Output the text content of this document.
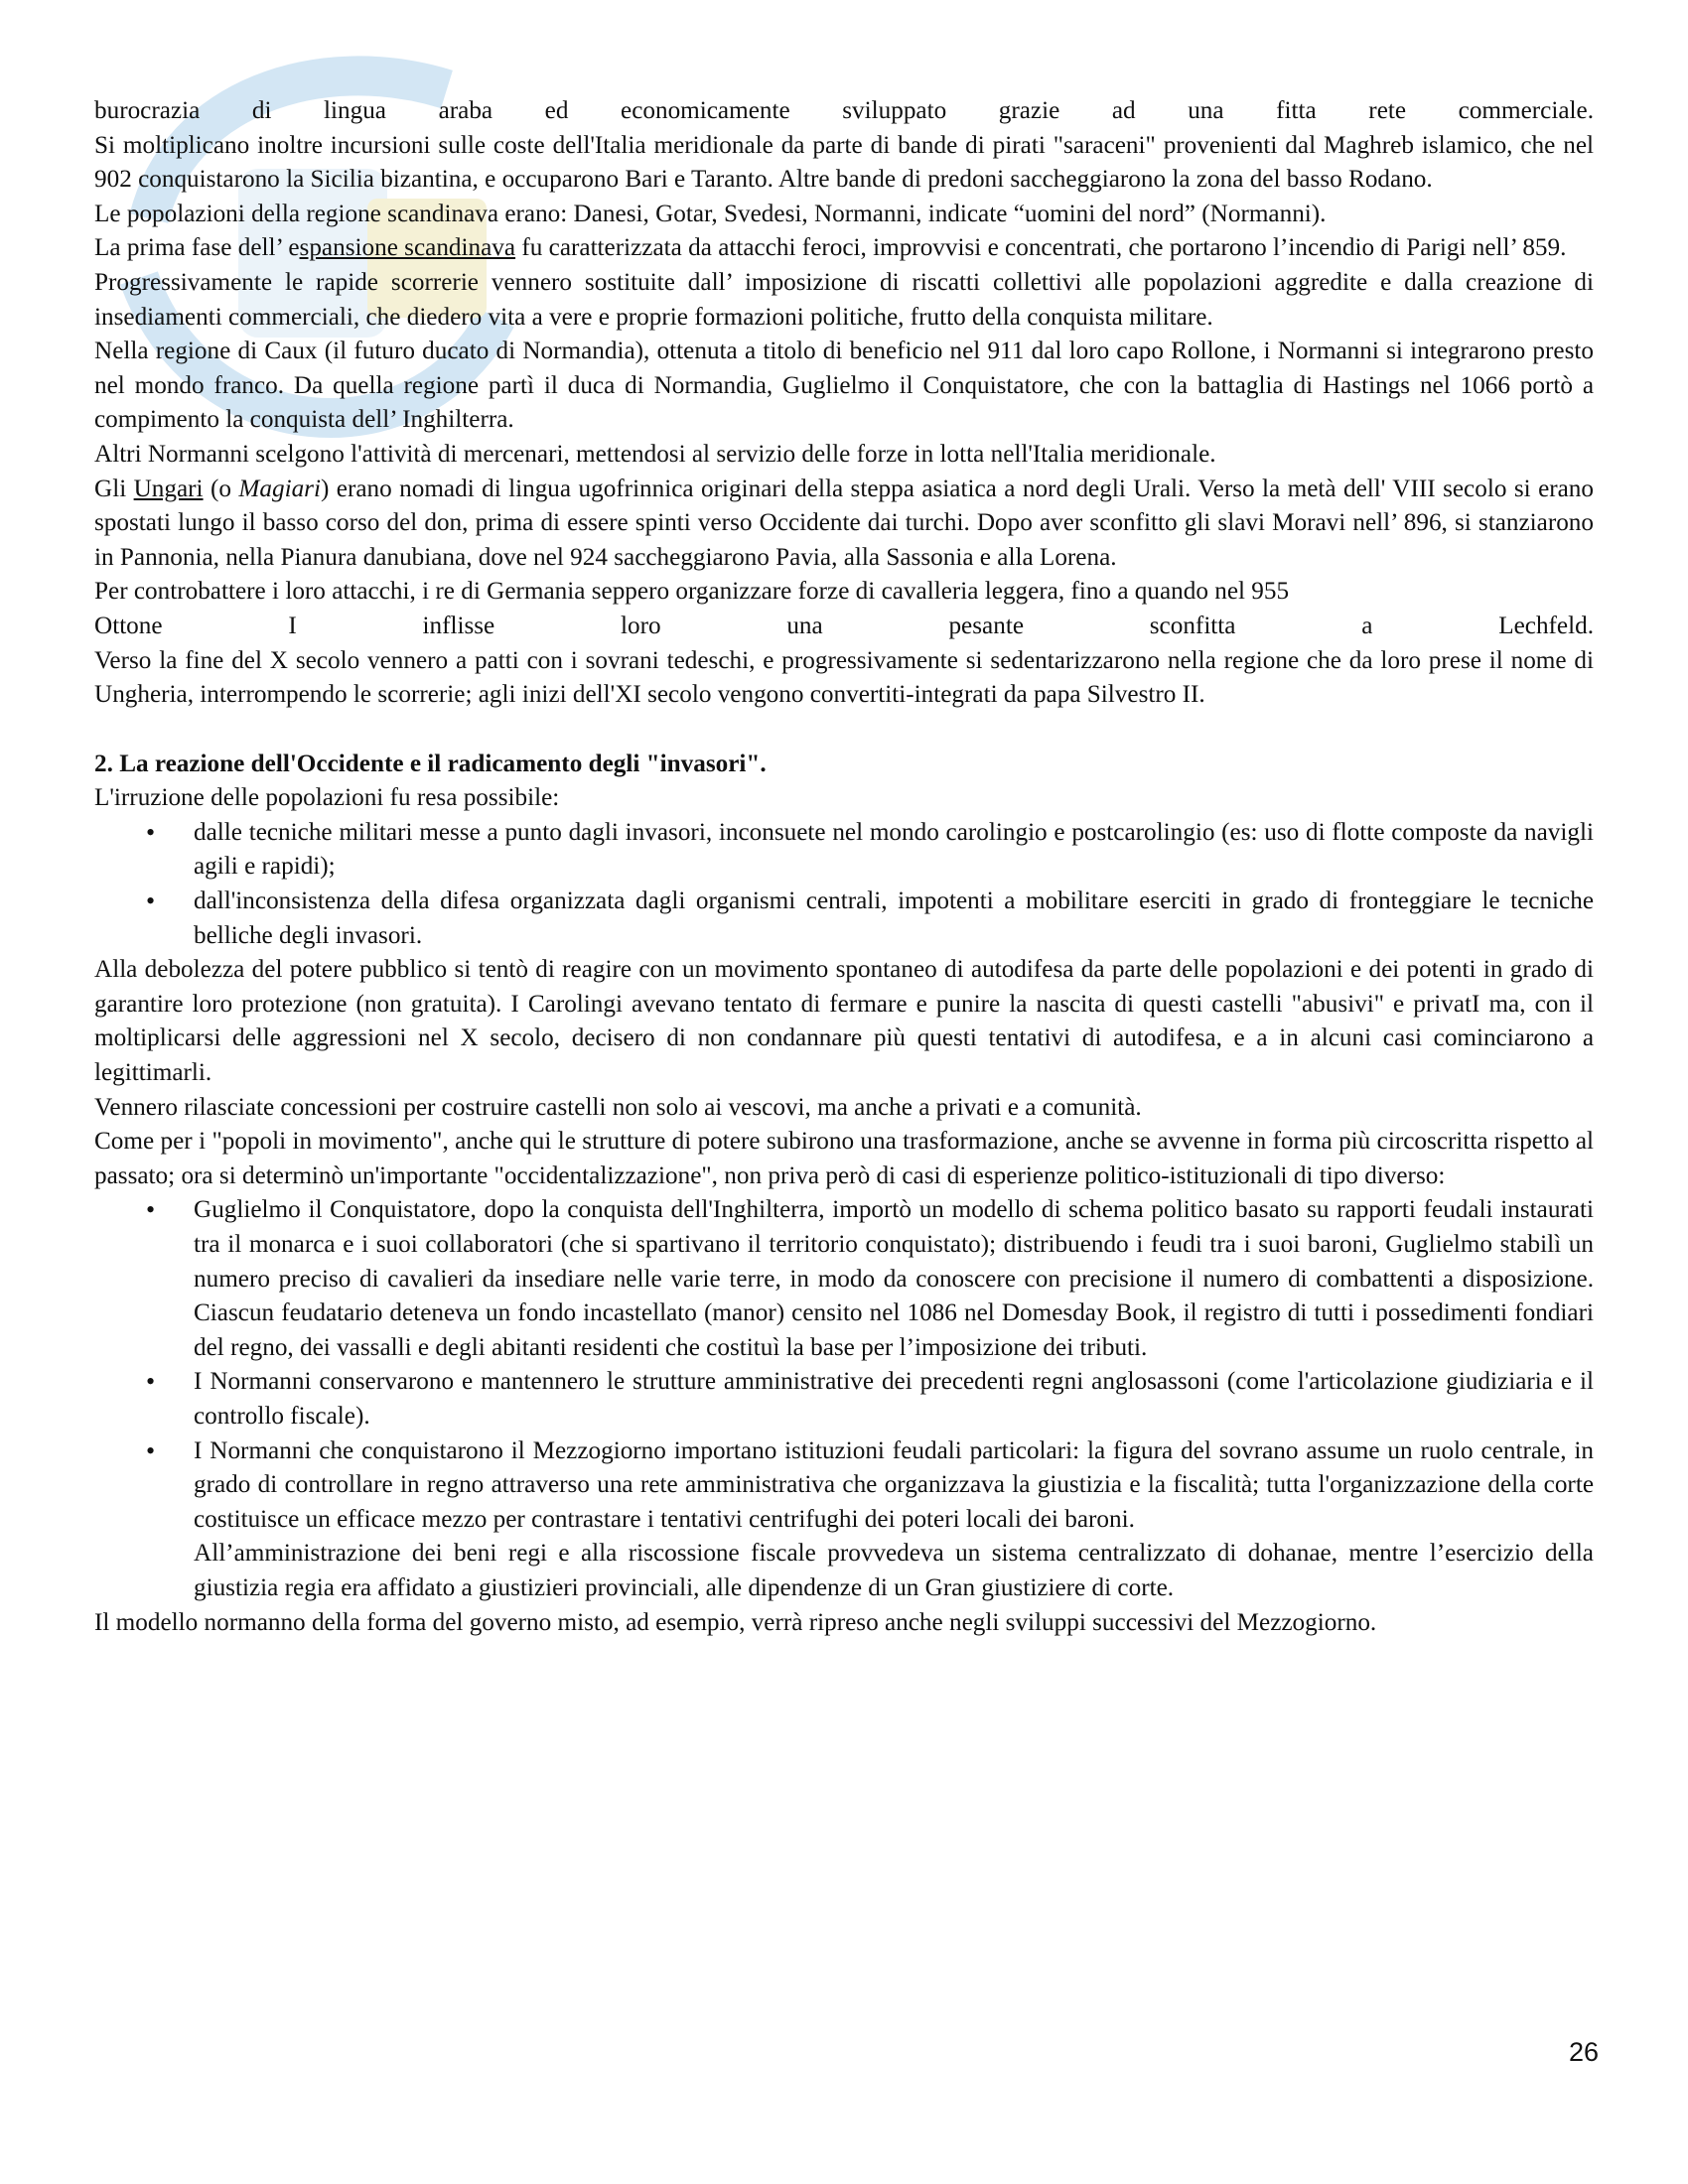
burocrazia di lingua araba ed economicamente sviluppato grazie ad una fitta rete commerciale.

Si moltiplicano inoltre incursioni sulle coste dell'Italia meridionale da parte di bande di pirati "saraceni" provenienti dal Maghreb islamico, che nel 902 conquistarono la Sicilia bizantina, e occuparono Bari e Taranto. Altre bande di predoni saccheggiarono la zona del basso Rodano.

Le popolazioni della regione scandinava erano: Danesi, Gotar, Svedesi, Normanni, indicate “uomini del nord” (Normanni).

La prima fase dell’ espansione scandinava fu caratterizzata da attacchi feroci, improvvisi e concentrati, che portarono l’incendio di Parigi nell’ 859.

Progressivamente le rapide scorrerie vennero sostituite dall’ imposizione di riscatti collettivi alle popolazioni aggredite e dalla creazione di insediamenti commerciali, che diedero vita a vere e proprie formazioni politiche, frutto della conquista militare.

Nella regione di Caux (il futuro ducato di Normandia), ottenuta a titolo di beneficio nel 911 dal loro capo Rollone, i Normanni si integrarono presto nel mondo franco. Da quella regione partì il duca di Normandia, Guglielmo il Conquistatore, che con la battaglia di Hastings nel 1066 portò a compimento la conquista dell’ Inghilterra.

Altri Normanni scelgono l'attività di mercenari, mettendosi al servizio delle forze in lotta nell'Italia meridionale.

Gli Ungari (o Magiari) erano nomadi di lingua ugofrinnica originari della steppa asiatica a nord degli Urali. Verso la metà dell' VIII secolo si erano spostati lungo il basso corso del don, prima di essere spinti verso Occidente dai turchi. Dopo aver sconfitto gli slavi Moravi nell’ 896, si stanziarono in Pannonia, nella Pianura danubiana, dove nel 924 saccheggiarono Pavia, alla Sassonia e alla Lorena.

Per controbattere i loro attacchi, i re di Germania seppero organizzare forze di cavalleria leggera, fino a quando nel 955

Ottone I inflisse loro una pesante sconfitta a Lechfeld.

Verso la fine del X secolo vennero a patti con i sovrani tedeschi, e progressivamente si sedentarizzarono nella regione che da loro prese il nome di Ungheria, interrompendo le scorrerie; agli inizi dell'XI secolo vengono convertiti-integrati da papa Silvestro II.

2. La reazione dell'Occidente e il radicamento degli "invasori".

L'irruzione delle popolazioni fu resa possibile:

• dalle tecniche militari messe a punto dagli invasori, inconsuete nel mondo carolingio e postcarolingio (es: uso di flotte composte da navigli agili e rapidi);
• dall'inconsistenza della difesa organizzata dagli organismi centrali, impotenti a mobilitare eserciti in grado di fronteggiare le tecniche belliche degli invasori.

Alla debolezza del potere pubblico si tentò di reagire con un movimento spontaneo di autodifesa da parte delle popolazioni e dei potenti in grado di garantire loro protezione (non gratuita). I Carolingi avevano tentato di fermare e punire la nascita di questi castelli "abusivi" e privatI ma, con il moltiplicarsi delle aggressioni nel X secolo, decisero di non condannare più questi tentativi di autodifesa, e a in alcuni casi cominciarono a legittimarli.

Vennero rilasciate concessioni per costruire castelli non solo ai vescovi, ma anche a privati e a comunità.

Come per i "popoli in movimento", anche qui le strutture di potere subirono una trasformazione, anche se avvenne in forma più circoscritta rispetto al passato; ora si determinò un'importante "occidentalizzazione", non priva però di casi di esperienze politico-istituzionali di tipo diverso:

• Guglielmo il Conquistatore, dopo la conquista dell'Inghilterra, importò un modello di schema politico basato su rapporti feudali instaurati tra il monarca e i suoi collaboratori (che si spartivano il territorio conquistato); distribuendo i feudi tra i suoi baroni, Guglielmo stabilì un numero preciso di cavalieri da insediare nelle varie terre, in modo da conoscere con precisione il numero di combattenti a disposizione. Ciascun feudatario deteneva un fondo incastellato (manor) censito nel 1086 nel Domesday Book, il registro di tutti i possedimenti fondiari del regno, dei vassalli e degli abitanti residenti che costituì la base per l’imposizione dei tributi.
• I Normanni conservarono e mantennero le strutture amministrative dei precedenti regni anglosassoni (come l'articolazione giudiziaria e il controllo fiscale).
• I Normanni che conquistarono il Mezzogiorno importano istituzioni feudali particolari: la figura del sovrano assume un ruolo centrale, in grado di controllare in regno attraverso una rete amministrativa che organizzava la giustizia e la fiscalità; tutta l'organizzazione della corte costituisce un efficace mezzo per contrastare i tentativi centrifughi dei poteri locali dei baroni.

All’amministrazione dei beni regi e alla riscossione fiscale provvedeva un sistema centralizzato di dohanae, mentre l’esercizio della giustizia regia era affidato a giustizieri provinciali, alle dipendenze di un Gran giustiziere di corte.

Il modello normanno della forma del governo misto, ad esempio, verrà ripreso anche negli sviluppi successivi del Mezzogiorno.

26
